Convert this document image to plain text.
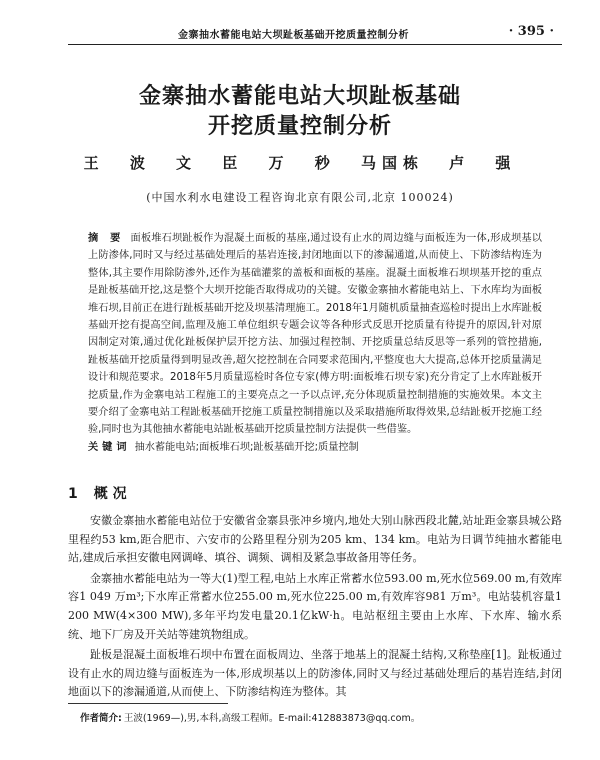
金寨抽水蓄能电站大坝趾板基础开挖质量控制分析	· 395 ·
金寨抽水蓄能电站大坝趾板基础
开挖质量控制分析
王 波 文 臣 万 秒 马国栋 卢 强
(中国水利水电建设工程咨询北京有限公司,北京 100024)

摘 要 面板堆石坝趾板作为混凝土面板的基座,通过设有止水的周边缝与面板连为一体,形成坝基以上防渗体,同时又与经过基础处理后的基岩连接,封闭地面以下的渗漏通道,从而使上、下防渗结构连为整体,其主要作用除防渗外,还作为基础灌浆的盖板和面板的基座。混凝土面板堆石坝坝基开挖的重点是趾板基础开挖,这是整个大坝开挖能否取得成功的关键。安徽金寨抽水蓄能电站上、下水库均为面板堆石坝,目前正在进行趾板基础开挖及坝基清理施工。2018年1月随机质量抽查巡检时提出上水库趾板基础开挖有提高空间,监理及施工单位组织专题会议等各种形式反思开挖质量有待提升的原因,针对原因制定对策,通过优化趾板保护层开挖方法、加强过程控制、开挖质量总结反思等一系列的管控措施,趾板基础开挖质量得到明显改善,超欠挖控制在合同要求范围内,平整度也大大提高,总体开挖质量满足设计和规范要求。2018年5月质量巡检时各位专家(傅方明:面板堆石坝专家)充分肯定了上水库趾板开挖质量,作为金寨电站工程施工的主要亮点之一予以点评,充分体现质量控制措施的实施效果。本文主要介绍了金寨电站工程趾板基础开挖施工质量控制措施以及采取措施所取得效果,总结趾板开挖施工经验,同时也为其他抽水蓄能电站趾板基础开挖质量控制方法提供一些借鉴。

关键词 抽水蓄能电站;面板堆石坝;趾板基础开挖;质量控制

1 概 况

安徽金寨抽水蓄能电站位于安徽省金寨县张冲乡境内,地处大别山脉西段北麓,站址距金寨县城公路里程约53 km,距合肥市、六安市的公路里程分别为205 km、134 km。电站为日调节纯抽水蓄能电站,建成后承担安徽电网调峰、填谷、调频、调相及紧急事故备用等任务。

金寨抽水蓄能电站为一等大(1)型工程,电站上水库正常蓄水位593.00 m,死水位569.00 m,有效库容1 049 万m³;下水库正常蓄水位255.00 m,死水位225.00 m,有效库容981 万m³。电站装机容量1 200 MW(4×300 MW),多年平均发电量20.1亿kW·h。电站枢纽主要由上水库、下水库、输水系统、地下厂房及开关站等建筑物组成。

趾板是混凝土面板堆石坝中布置在面板周边、坐落于地基上的混凝土结构,又称垫座[1]。趾板通过设有止水的周边缝与面板连为一体,形成坝基以上的防渗体,同时又与经过基础处理后的基岩连结,封闭地面以下的渗漏通道,从而使上、下防渗结构连为整体。其

作者简介: 王波(1969—),男,本科,高级工程师。E-mail:412883873@qq.com。
